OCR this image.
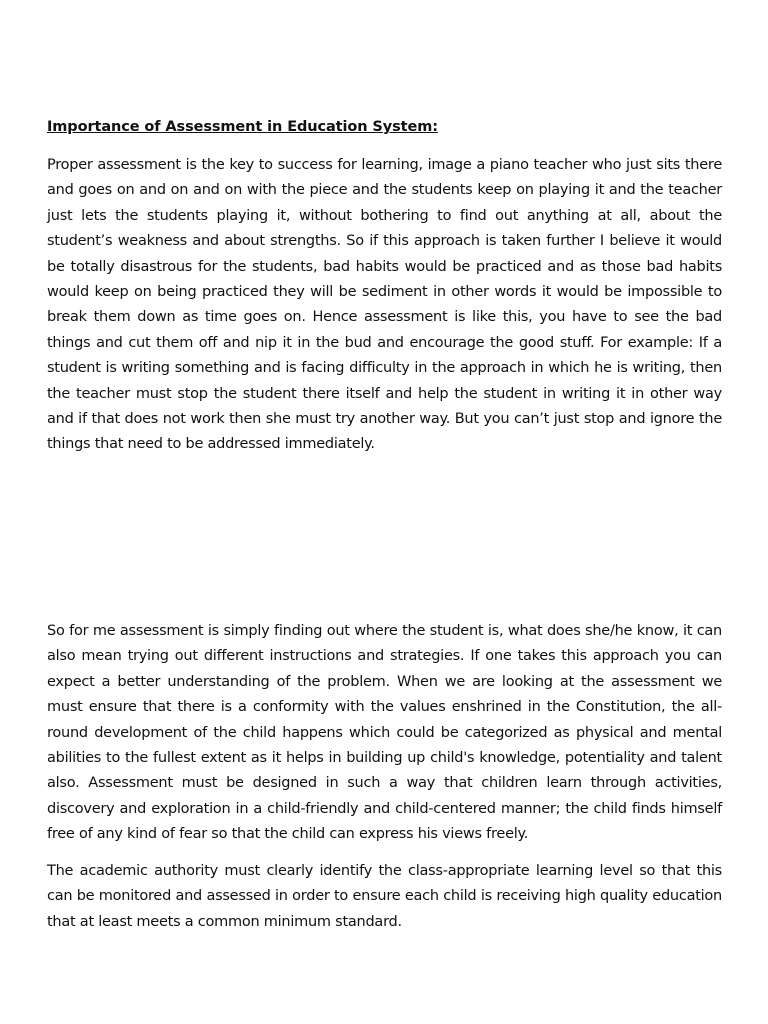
Importance of Assessment in Education System:

Proper assessment is the key to success for learning, image a piano teacher who just sits there and goes on and on and on with the piece and the students keep on playing it and the teacher just lets the students playing it, without bothering to find out anything at all, about the student’s weakness and about strengths. So if this approach is taken further I believe it would be totally disastrous for the students, bad habits would be practiced and as those bad habits would keep on being practiced they will be sediment in other words it would be impossible to break them down as time goes on. Hence assessment is like this, you have to see the bad things and cut them off and nip it in the bud and encourage the good stuff. For example: If a student is writing something and is facing difficulty in the approach in which he is writing, then the teacher must stop the student there itself and help the student in writing it in other way and if that does not work then she must try another way. But you can’t just stop and ignore the things that need to be addressed immediately.

So for me assessment is simply finding out where the student is, what does she/he know, it can also mean trying out different instructions and strategies. If one takes this approach you can expect a better understanding of the problem. When we are looking at the assessment we must ensure that there is a conformity with the values enshrined in the Constitution, the all-round development of the child happens which could be categorized as physical and mental abilities to the fullest extent as it helps in building up child's knowledge, potentiality and talent also. Assessment must be designed in such a way that children learn through activities, discovery and exploration in a child-friendly and child-centered manner; the child finds himself free of any kind of fear so that the child can express his views freely.

The academic authority must clearly identify the class-appropriate learning level so that this can be monitored and assessed in order to ensure each child is receiving high quality education that at least meets a common minimum standard.
